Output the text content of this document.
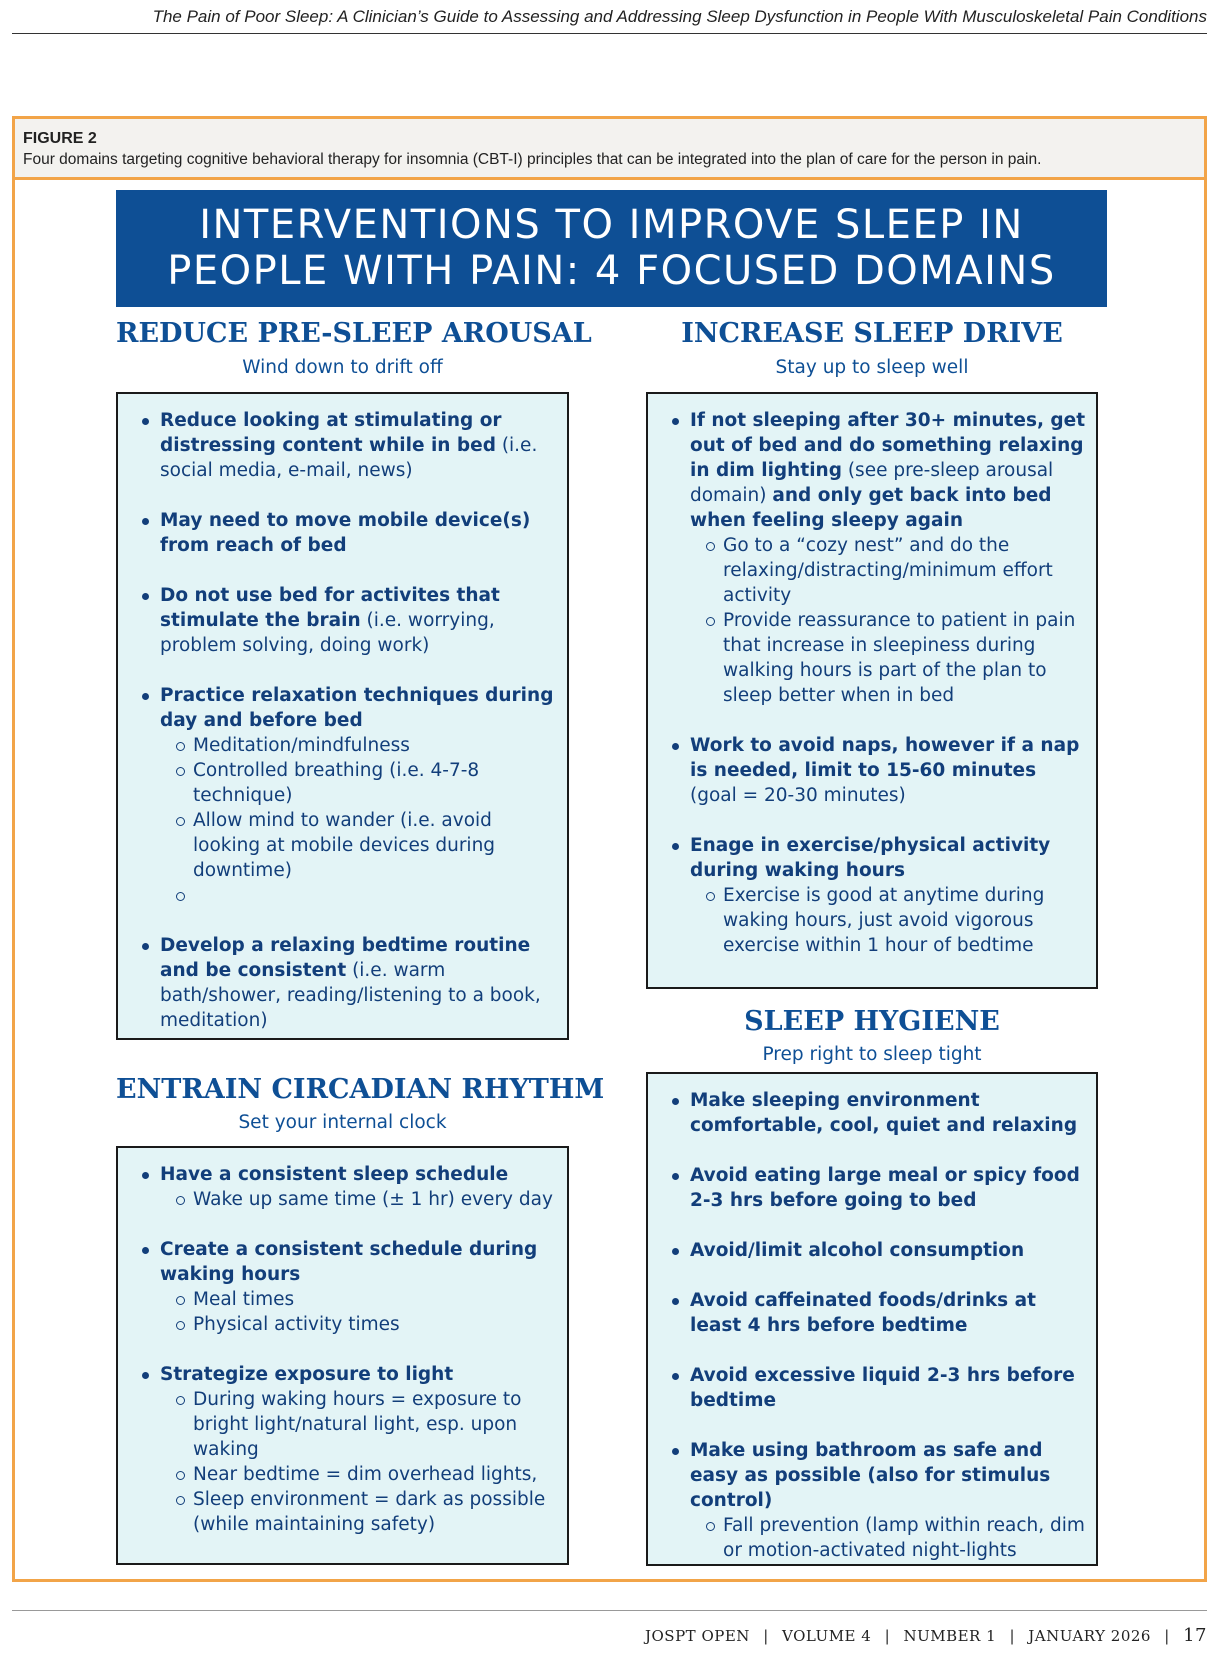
The Pain of Poor Sleep: A Clinician’s Guide to Assessing and Addressing Sleep Dysfunction in People With Musculoskeletal Pain Conditions
FIGURE 2
Four domains targeting cognitive behavioral therapy for insomnia (CBT-I) principles that can be integrated into the plan of care for the person in pain.
INTERVENTIONS TO IMPROVE SLEEP IN
PEOPLE WITH PAIN: 4 FOCUSED DOMAINS
REDUCE PRE-SLEEP AROUSAL
Wind down to drift off
Reduce looking at stimulating or distressing content while in bed (i.e. social media, e-mail, news)
May need to move mobile device(s) from reach of bed
Do not use bed for activites that stimulate the brain (i.e. worrying, problem solving, doing work)
Practice relaxation techniques during day and before bed
Meditation/mindfulness
Controlled breathing (i.e. 4-7-8 technique)
Allow mind to wander (i.e. avoid looking at mobile devices during downtime)
Develop a relaxing bedtime routine and be consistent (i.e. warm bath/shower, reading/listening to a book, meditation)
INCREASE SLEEP DRIVE
Stay up to sleep well
If not sleeping after 30+ minutes, get out of bed and do something relaxing in dim lighting (see pre-sleep arousal domain) and only get back into bed when feeling sleepy again
Go to a “cozy nest” and do the relaxing/distracting/minimum effort activity
Provide reassurance to patient in pain that increase in sleepiness during walking hours is part of the plan to sleep better when in bed
Work to avoid naps, however if a nap is needed, limit to 15-60 minutes (goal = 20-30 minutes)
Enage in exercise/physical activity during waking hours
Exercise is good at anytime during waking hours, just avoid vigorous exercise within 1 hour of bedtime
ENTRAIN CIRCADIAN RHYTHM
Set your internal clock
Have a consistent sleep schedule
Wake up same time (± 1 hr) every day
Create a consistent schedule during waking hours
Meal times
Physical activity times
Strategize exposure to light
During waking hours = exposure to bright light/natural light, esp. upon waking
Near bedtime = dim overhead lights,
Sleep environment = dark as possible (while maintaining safety)
SLEEP HYGIENE
Prep right to sleep tight
Make sleeping environment comfortable, cool, quiet and relaxing
Avoid eating large meal or spicy food 2-3 hrs before going to bed
Avoid/limit alcohol consumption
Avoid caffeinated foods/drinks at least 4 hrs before bedtime
Avoid excessive liquid 2-3 hrs before bedtime
Make using bathroom as safe and easy as possible (also for stimulus control)
Fall prevention (lamp within reach, dim or motion-activated night-lights
JOSPT OPEN | VOLUME 4 | NUMBER 1 | JANUARY 2026 | 17
